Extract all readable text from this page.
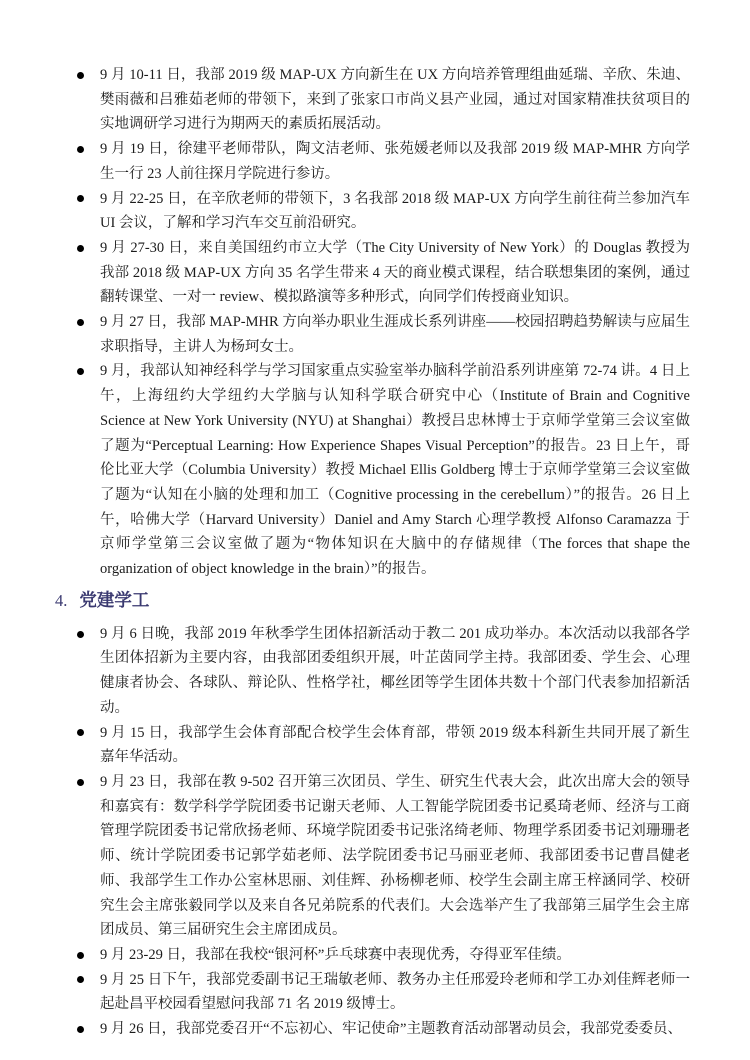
9 月 10-11 日，我部 2019 级 MAP-UX 方向新生在 UX 方向培养管理组曲延瑞、辛欣、朱迪、樊雨薇和吕雅茹老师的带领下，来到了张家口市尚义县产业园，通过对国家精准扶贫项目的实地调研学习进行为期两天的素质拓展活动。
9 月 19 日，徐建平老师带队，陶文洁老师、张苑媛老师以及我部 2019 级 MAP-MHR 方向学生一行 23 人前往探月学院进行参访。
9 月 22-25 日，在辛欣老师的带领下，3 名我部 2018 级 MAP-UX 方向学生前往荷兰参加汽车 UI 会议，了解和学习汽车交互前沿研究。
9 月 27-30 日，来自美国纽约市立大学（The City University of New York）的 Douglas 教授为我部 2018 级 MAP-UX 方向 35 名学生带来 4 天的商业模式课程，结合联想集团的案例，通过翻转课堂、一对一 review、模拟路演等多种形式，向同学们传授商业知识。
9 月 27 日，我部 MAP-MHR 方向举办职业生涯成长系列讲座——校园招聘趋势解读与应届生求职指导，主讲人为杨珂女士。
9 月，我部认知神经科学与学习国家重点实验室举办脑科学前沿系列讲座第 72-74 讲。4 日上午，上海纽约大学纽约大学脑与认知科学联合研究中心（Institute of Brain and Cognitive Science at New York University (NYU) at Shanghai）教授吕忠林博士于京师学堂第三会议室做了题为“Perceptual Learning: How Experience Shapes Visual Perception”的报告。23 日上午，哥伦比亚大学（Columbia University）教授 Michael Ellis Goldberg 博士于京师学堂第三会议室做了题为“认知在小脑的处理和加工（Cognitive processing in the cerebellum）”的报告。26 日上午，哈佛大学（Harvard University）Daniel and Amy Starch 心理学教授 Alfonso Caramazza 于京师学堂第三会议室做了题为“物体知识在大脑中的存储规律（The forces that shape the organization of object knowledge in the brain）”的报告。
4. 党建学工
9 月 6 日晚，我部 2019 年秋季学生团体招新活动于教二 201 成功举办。本次活动以我部各学生团体招新为主要内容，由我部团委组织开展，叶芷茵同学主持。我部团委、学生会、心理健康者协会、各球队、辩论队、性格学社，椰丝团等学生团体共数十个部门代表参加招新活动。
9 月 15 日，我部学生会体育部配合校学生会体育部，带领 2019 级本科新生共同开展了新生嘉年华活动。
9 月 23 日，我部在教 9-502 召开第三次团员、学生、研究生代表大会，此次出席大会的领导和嘉宾有：数学科学学院团委书记谢天老师、人工智能学院团委书记奚琦老师、经济与工商管理学院团委书记常欣扬老师、环境学院团委书记张洺绮老师、物理学系团委书记刘珊珊老师、统计学院团委书记郭学茹老师、法学院团委书记马丽亚老师、我部团委书记曹昌健老师、我部学生工作办公室林思丽、刘佳辉、孙杨柳老师、校学生会副主席王梓涵同学、校研究生会主席张毅同学以及来自各兄弟院系的代表们。大会选举产生了我部第三届学生会主席团成员、第三届研究生会主席团成员。
9 月 23-29 日，我部在我校“银河杯”乒乓球赛中表现优秀，夺得亚军佳绩。
9 月 25 日下午，我部党委副书记王瑞敏老师、教务办主任邢爱玲老师和学工办刘佳辉老师一起赴昌平校园看望慰问我部 71 名 2019 级博士。
9 月 26 日，我部党委召开“不忘初心、牢记使命”主题教育活动部署动员会，我部党委委员、
